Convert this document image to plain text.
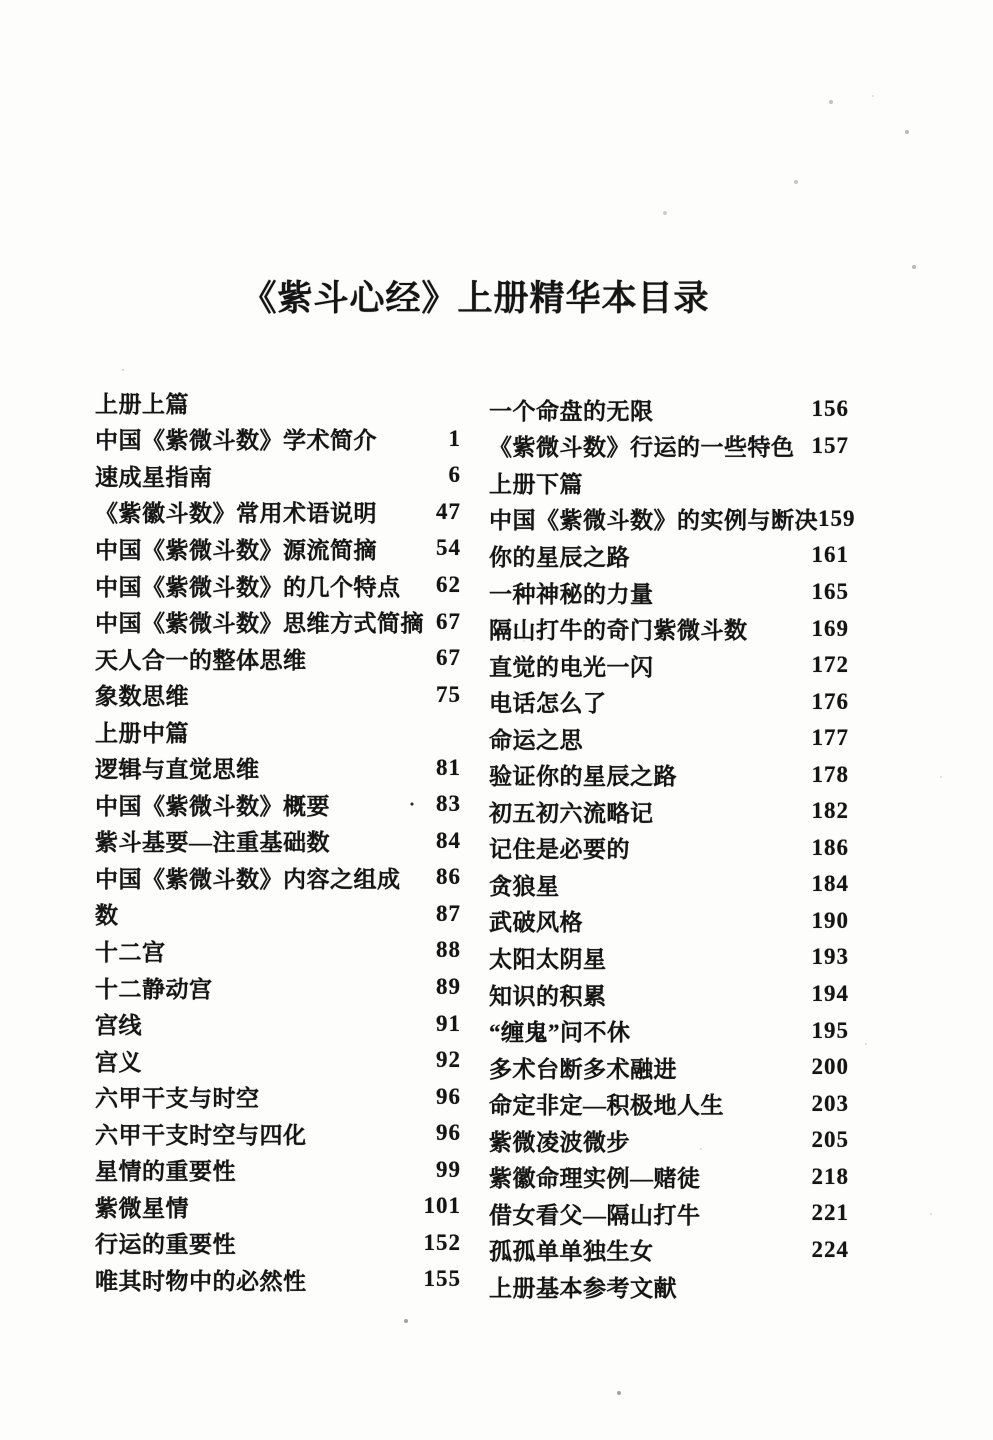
《紫斗心经》上册精华本目录
上册上篇
中国《紫微斗数》学术简介	1
速成星指南	6
《紫徽斗数》常用术语说明	47
中国《紫微斗数》源流简摘	54
中国《紫微斗数》的几个特点	62
中国《紫微斗数》思维方式简摘 67
天人合一的整体思维	67
象数思维	75
上册中篇
逻辑与直觉思维	81
中国《紫微斗数》概要	· 83
紫斗基要—注重基础数	84
中国《紫微斗数》内容之组成	86
数	87
十二宫	88
十二静动宫	89
宫线	91
宫义	92
六甲干支与时空	96
六甲干支时空与四化	96
星情的重要性	99
紫微星情	101
行运的重要性	152
唯其时物中的必然性	155
一个命盘的无限	156
《紫微斗数》行运的一些特色 157
上册下篇
中国《紫微斗数》的实例与断决 159
你的星辰之路	161
一种神秘的力量	165
隔山打牛的奇门紫微斗数	169
直觉的电光一闪	172
电话怎么了	176
命运之思	177
验证你的星辰之路	178
初五初六流略记	182
记住是必要的	186
贪狼星	184
武破风格	190
太阳太阴星	193
知识的积累	194
“缠鬼”问不休	195
多术台断多术融进	200
命定非定—积极地人生	203
紫微凌波微步	205
紫徽命理实例—赌徒	218
借女看父—隔山打牛	221
孤孤单单独生女	224
上册基本参考文献
